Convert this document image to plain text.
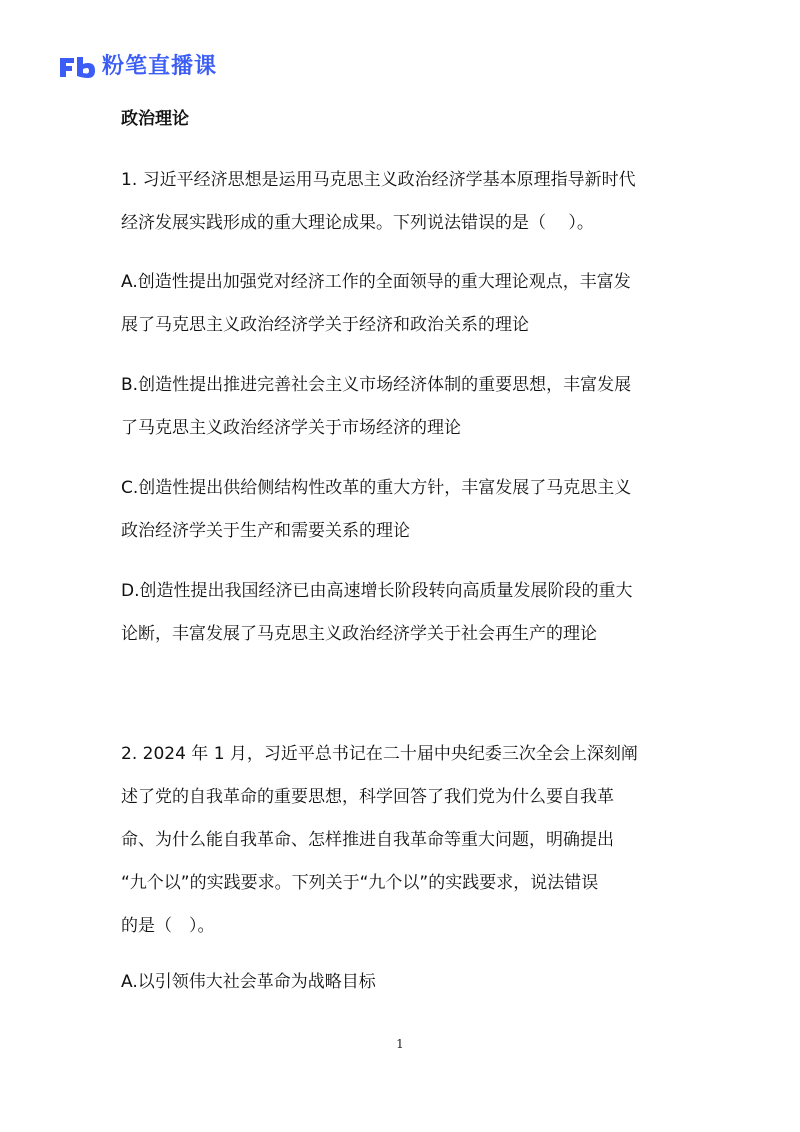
粉笔直播课
政治理论

1. 习近平经济思想是运用马克思主义政治经济学基本原理指导新时代

经济发展实践形成的重大理论成果。下列说法错误的是（　 ）。

A.创造性提出加强党对经济工作的全面领导的重大理论观点，丰富发

展了马克思主义政治经济学关于经济和政治关系的理论

B.创造性提出推进完善社会主义市场经济体制的重要思想，丰富发展

了马克思主义政治经济学关于市场经济的理论

C.创造性提出供给侧结构性改革的重大方针，丰富发展了马克思主义

政治经济学关于生产和需要关系的理论

D.创造性提出我国经济已由高速增长阶段转向高质量发展阶段的重大

论断，丰富发展了马克思主义政治经济学关于社会再生产的理论

2. 2024 年 1 月，习近平总书记在二十届中央纪委三次全会上深刻阐

述了党的自我革命的重要思想，科学回答了我们党为什么要自我革

命、为什么能自我革命、怎样推进自我革命等重大问题，明确提出

“九个以”的实践要求。下列关于“九个以”的实践要求，说法错误

的是（　）。

A.以引领伟大社会革命为战略目标

1
